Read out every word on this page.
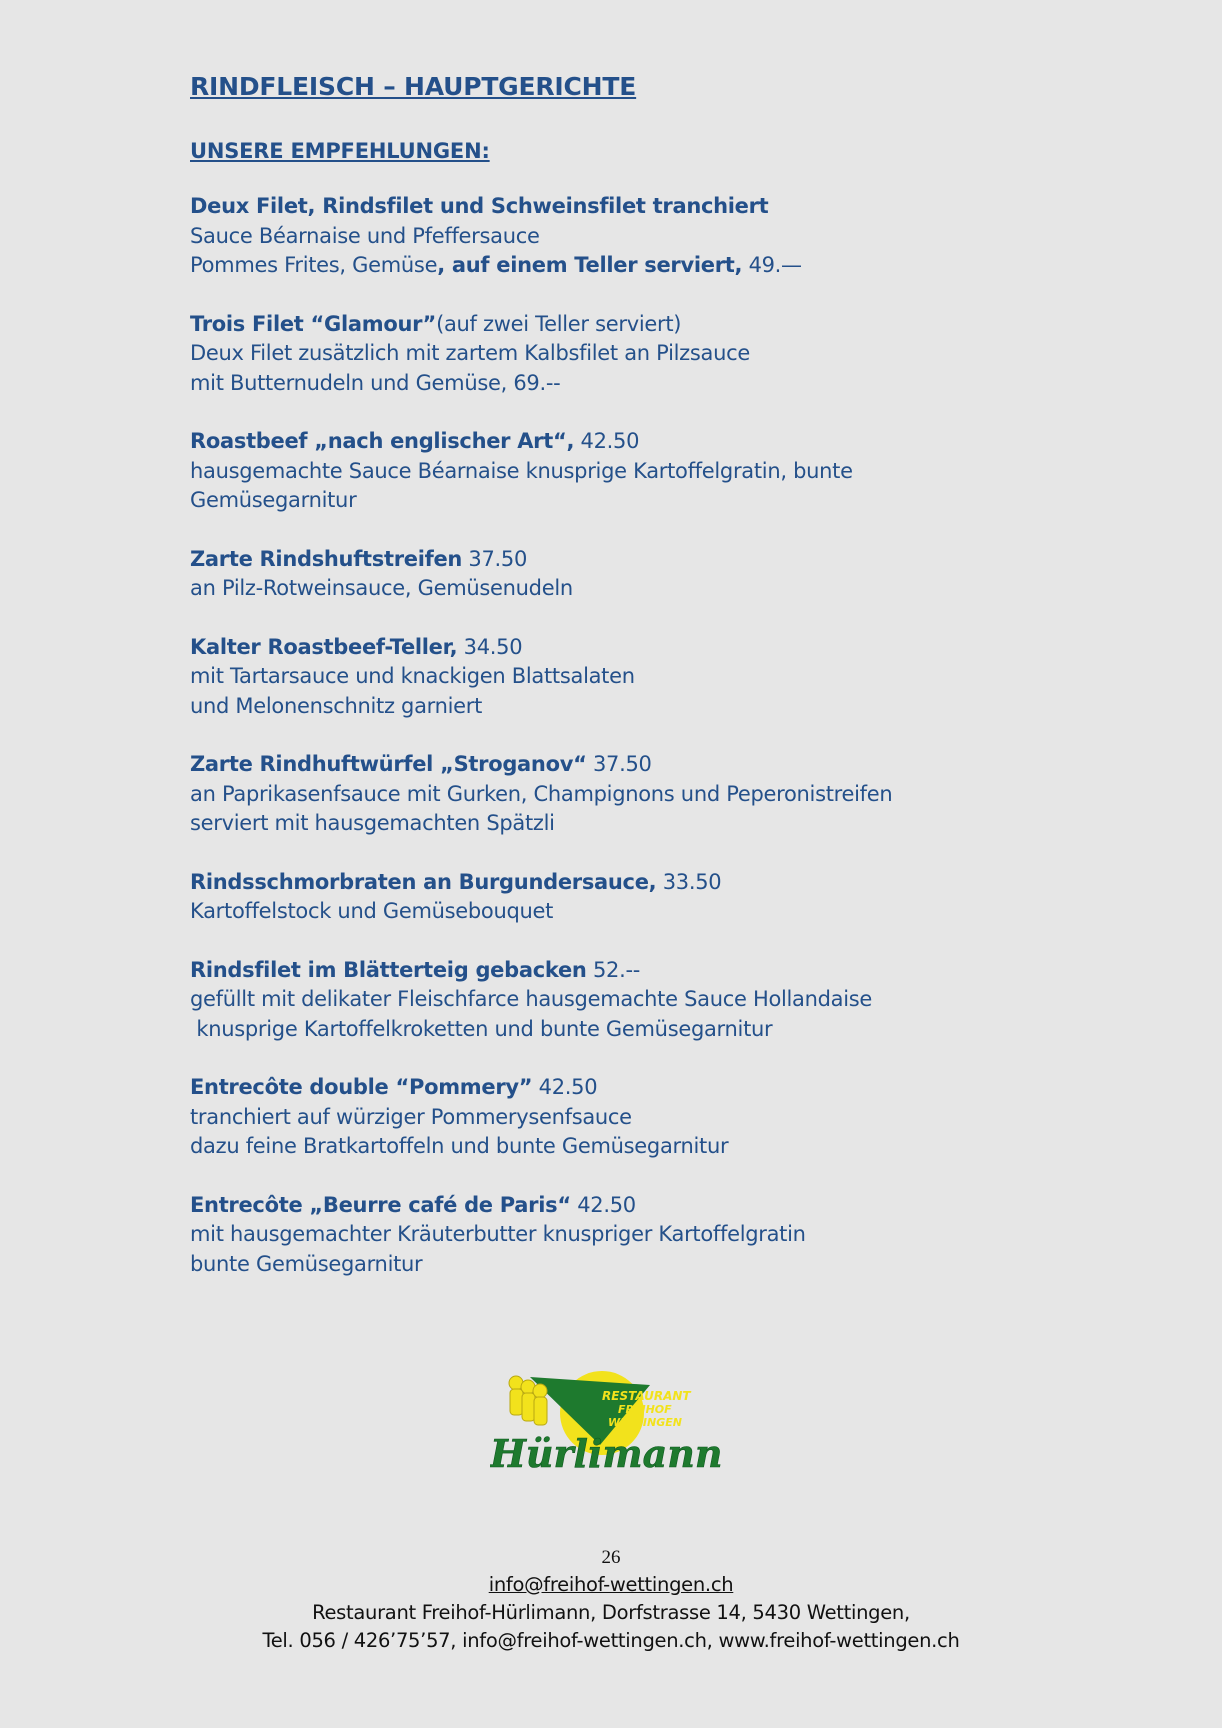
RINDFLEISCH – HAUPTGERICHTE
UNSERE EMPFEHLUNGEN:
Deux Filet, Rindsfilet und Schweinsfilet tranchiert
Sauce Béarnaise und Pfeffersauce
Pommes Frites, Gemüse, auf einem Teller serviert, 49.—
Trois Filet “Glamour”(auf zwei Teller serviert)
Deux Filet zusätzlich mit zartem Kalbsfilet an Pilzsauce
mit Butternudeln und Gemüse, 69.--
Roastbeef „nach englischer Art“, 42.50
hausgemachte Sauce Béarnaise knusprige Kartoffelgratin, bunte
Gemüsegarnitur
Zarte Rindshuftstreifen 37.50
an Pilz-Rotweinsauce, Gemüsenudeln
Kalter Roastbeef-Teller, 34.50
mit Tartarsauce und knackigen Blattsalaten
und Melonenschnitz garniert
Zarte Rindhuftwürfel „Stroganov“ 37.50
an Paprikasenfsauce mit Gurken, Champignons und Peperonistreifen
serviert mit hausgemachten Spätzli
Rindsschmorbraten an Burgundersauce, 33.50
Kartoffelstock und Gemüsebouquet
Rindsfilet im Blätterteig gebacken 52.--
gefüllt mit delikater Fleischfarce hausgemachte Sauce Hollandaise
knusprige Kartoffelkroketten und bunte Gemüsegarnitur
Entrecôte double “Pommery” 42.50
tranchiert auf würziger Pommerysenfsauce
dazu feine Bratkartoffeln und bunte Gemüsegarnitur
Entrecôte „Beurre café de Paris“ 42.50
mit hausgemachter Kräuterbutter knuspriger Kartoffelgratin
bunte Gemüsegarnitur
RESTAURANT
FREIHOF
WETTINGEN
Hürlimann
26
info@freihof-wettingen.ch
Restaurant Freihof-Hürlimann, Dorfstrasse 14, 5430 Wettingen,
Tel. 056 / 426’75’57, info@freihof-wettingen.ch, www.freihof-wettingen.ch
